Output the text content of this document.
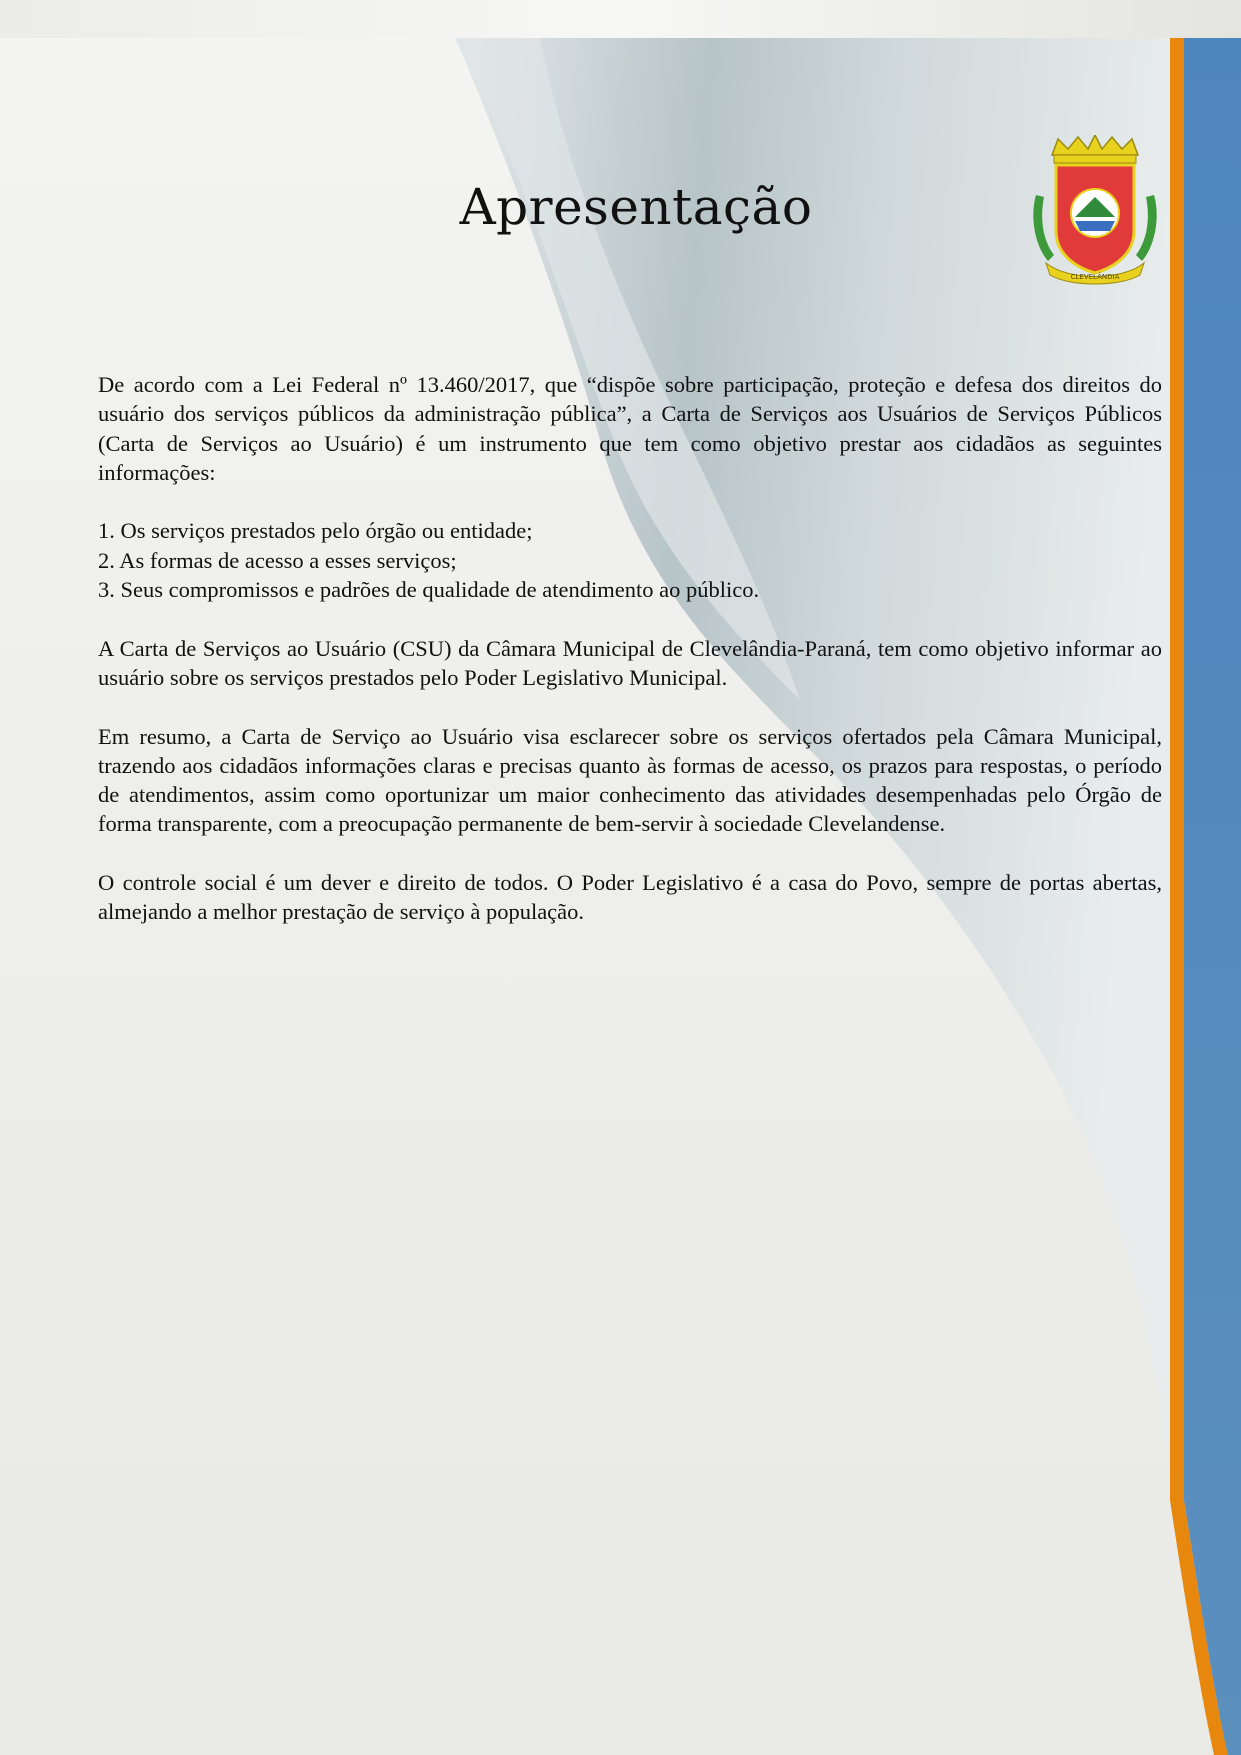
CLEVELÂNDIA
Apresentação

De acordo com a Lei Federal nº 13.460/2017, que “dispõe sobre participação, proteção e defesa dos direitos do usuário dos serviços públicos da administração pública”, a Carta de Serviços aos Usuários de Serviços Públicos (Carta de Serviços ao Usuário) é um instrumento que tem como objetivo prestar aos cidadãos as seguintes informações:

1. Os serviços prestados pelo órgão ou entidade;
2. As formas de acesso a esses serviços;
3. Seus compromissos e padrões de qualidade de atendimento ao público.

A Carta de Serviços ao Usuário (CSU) da Câmara Municipal de Clevelândia-Paraná, tem como objetivo informar ao usuário sobre os serviços prestados pelo Poder Legislativo Municipal.

Em resumo, a Carta de Serviço ao Usuário visa esclarecer sobre os serviços ofertados pela Câmara Municipal, trazendo aos cidadãos informações claras e precisas quanto às formas de acesso, os prazos para respostas, o período de atendimentos, assim como oportunizar um maior conhecimento das atividades desempenhadas pelo Órgão de forma transparente, com a preocupação permanente de bem-servir à sociedade Clevelandense.

O controle social é um dever e direito de todos. O Poder Legislativo é a casa do Povo, sempre de portas abertas, almejando a melhor prestação de serviço à população.
